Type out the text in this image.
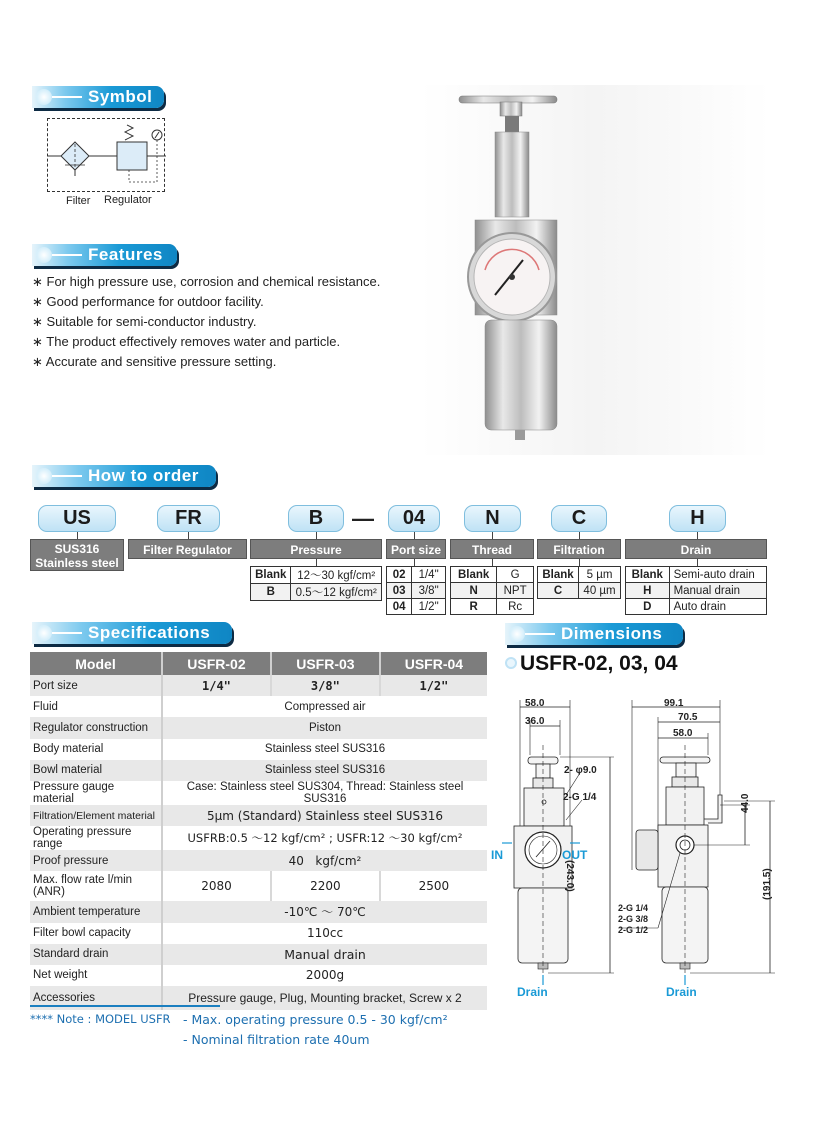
Symbol
Filter Regulator
Features
∗ For high pressure use, corrosion and chemical resistance.
∗ Good performance for outdoor facility.
∗ Suitable for semi-conductor industry.
∗ The product effectively removes water and particle.
∗ Accurate and sensitive pressure setting.
How to order
US	FR	B	—	04	N	C	H
SUS316
Stainless steel
Filter Regulator	Pressure	Port size	Thread	Filtration	Drain
Blank	12〜30 kgf/cm²
B	0.5〜12 kgf/cm²
02	1/4"
03	3/8"
04	1/2"
Blank	G
N	NPT
R	Rc
Blank	5 µm
C	40 µm
Blank	Semi-auto drain
H	Manual drain
D	Auto drain
Specifications
Model	USFR-02	USFR-03	USFR-04
Port size	1/4"	3/8"	1/2"
Fluid	Compressed air		
Regulator construction	Piston		
Body material	Stainless steel SUS316		
Bowl material	Stainless steel SUS316		
Pressure gauge material	Case: Stainless steel SUS304, Thread: Stainless steel SUS316		
Filtration/Element material	5µm (Standard) Stainless steel SUS316		
Operating pressure range	USFRB:0.5 〜12 kgf/cm² ; USFR:12 〜30 kgf/cm²		
Proof pressure	40   kgf/cm²		
Max. flow rate l/min (ANR)	2080	2200	2500
Ambient temperature	-10℃ 〜 70℃		
Filter bowl capacity	110cc		
Standard drain	Manual drain		
Net weight	2000g		
Accessories	Pressure gauge, Plug, Mounting bracket, Screw x 2		
**** Note : MODEL USFR - Max. operating pressure 0.5 - 30 kgf/cm²
- Nominal filtration rate 40um
Dimensions
USFR-02, 03, 04
58.0
36.0
2- φ9.0
2-G 1/4
(243.0)
IN	OUT
Drain
99.1
70.5
58.0
44.0
(191.5)
2-G 1/4
2-G 3/8
2-G 1/2
Drain
